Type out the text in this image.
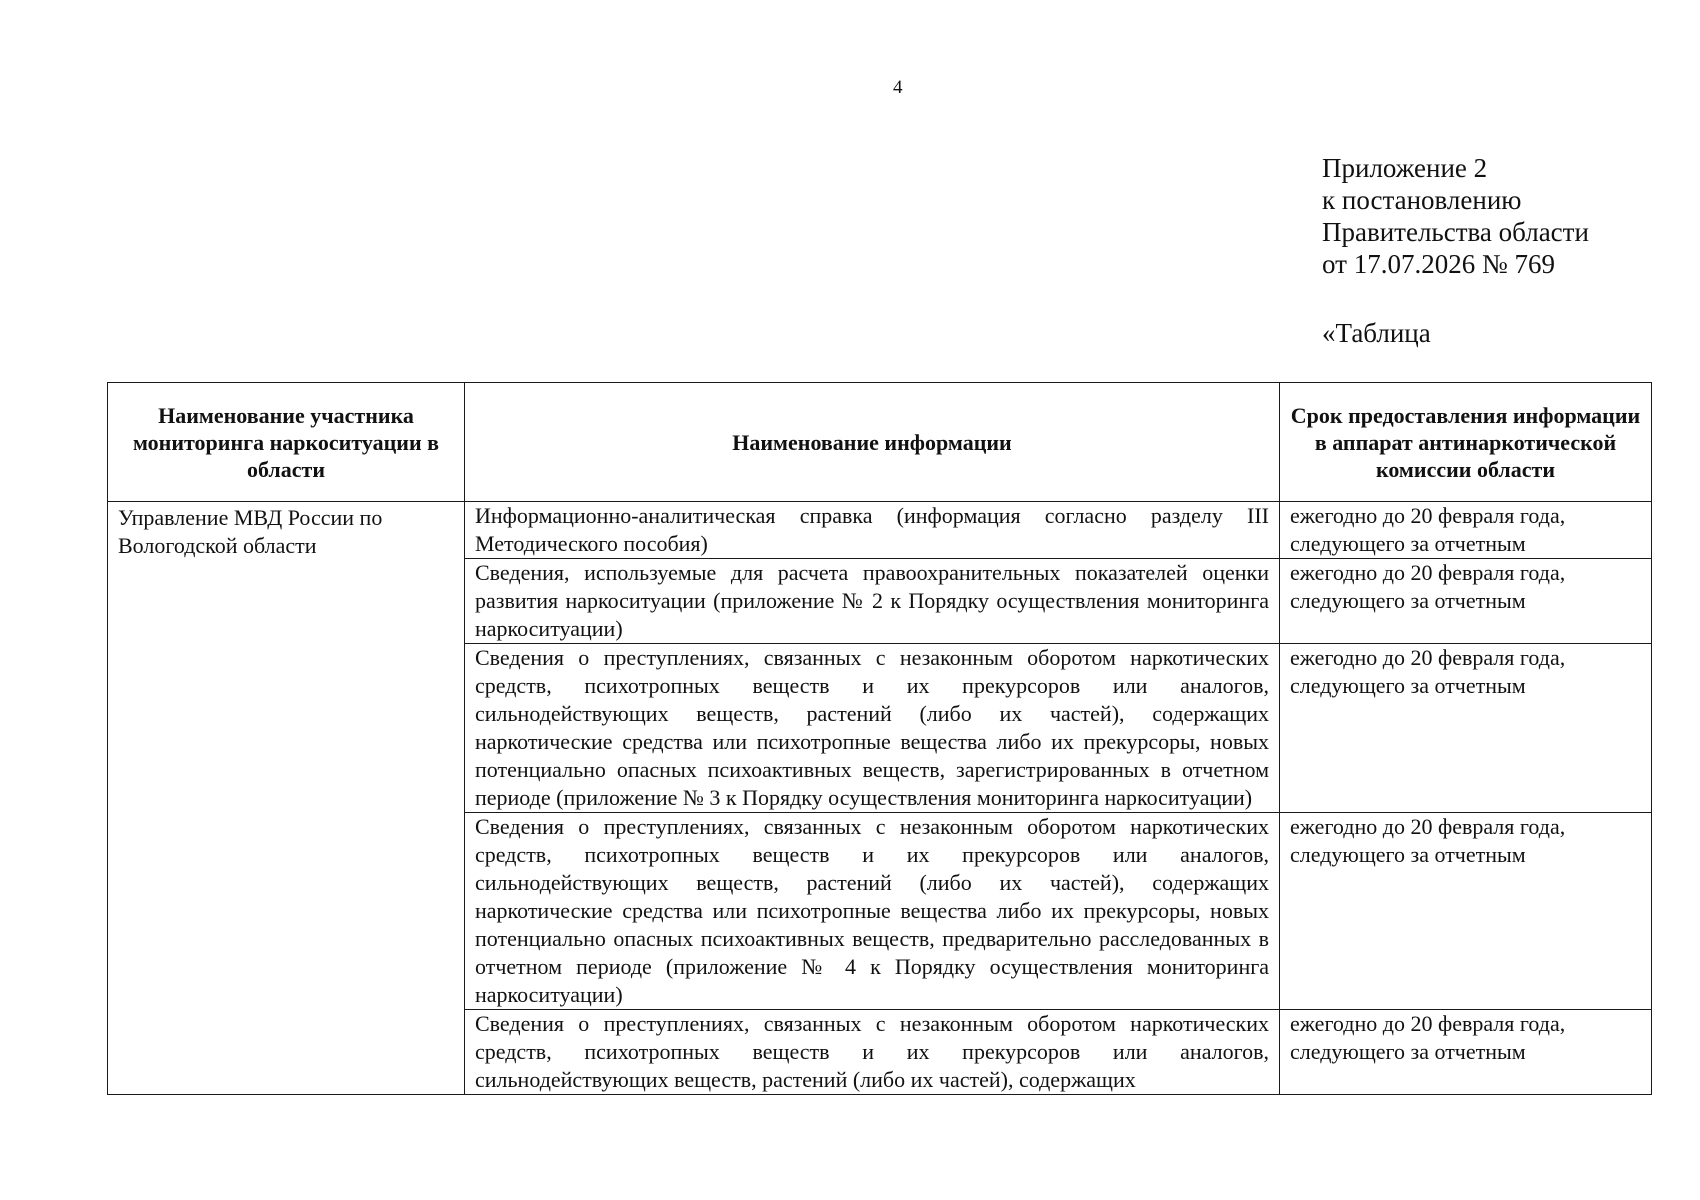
4
Приложение 2
к постановлению
Правительства области
от 17.07.2026 № 769
«Таблица
Наименование участника мониторинга наркоситуации в области	Наименование информации	Срок предоставления информации в аппарат антинаркотической комиссии области
Управление МВД России по Вологодской области	Информационно-аналитическая справка (информация согласно разделу III Методического пособия)	ежегодно до 20 февраля года, следующего за отчетным

	Сведения, используемые для расчета правоохранительных показателей оценки развития наркоситуации (приложение № 2 к Порядку осуществления мониторинга наркоситуации)	ежегодно до 20 февраля года, следующего за отчетным

	Сведения о преступлениях, связанных с незаконным оборотом наркотических средств, психотропных веществ и их прекурсоров или аналогов, сильнодействующих веществ, растений (либо их частей), содержащих наркотические средства или психотропные вещества либо их прекурсоры, новых потенциально опасных психоактивных веществ, зарегистрированных в отчетном периоде (приложение № 3 к Порядку осуществления мониторинга наркоситуации)	ежегодно до 20 февраля года, следующего за отчетным

	Сведения о преступлениях, связанных с незаконным оборотом наркотических средств, психотропных веществ и их прекурсоров или аналогов, сильнодействующих веществ, растений (либо их частей), содержащих наркотические средства или психотропные вещества либо их прекурсоры, новых потенциально опасных психоактивных веществ, предварительно расследованных в отчетном периоде (приложение № 4 к Порядку осуществления мониторинга наркоситуации)	ежегодно до 20 февраля года, следующего за отчетным

	Сведения о преступлениях, связанных с незаконным оборотом наркотических средств, психотропных веществ и их прекурсоров или аналогов, сильнодействующих веществ, растений (либо их частей), содержащих	ежегодно до 20 февраля года, следующего за отчетным
